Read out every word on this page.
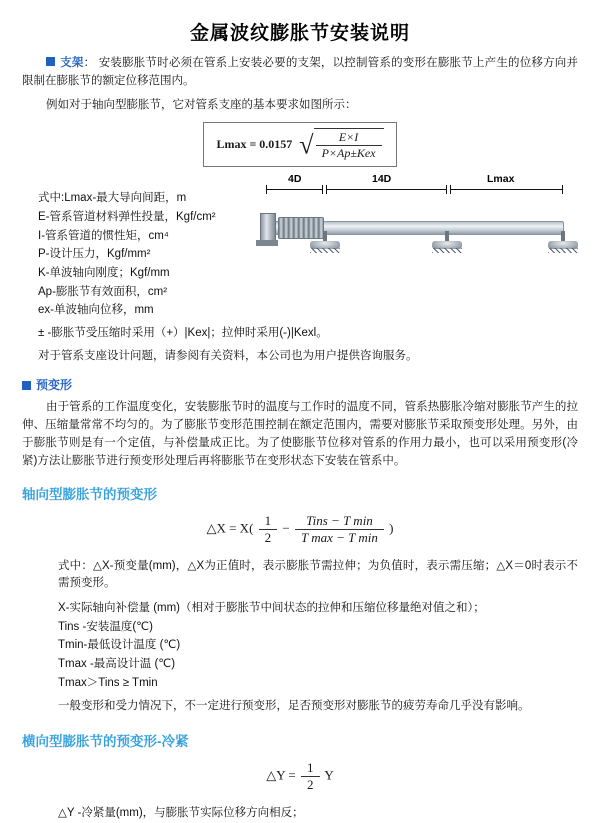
金属波纹膨胀节安装说明
支架： 安装膨胀节时必须在管系上安装必要的支架，以控制管系的变形在膨胀节上产生的位移方向并限制在膨胀节的额定位移范围内。
例如对于轴向型膨胀节，它对管系支座的基本要求如图所示：
Lmax = 0.0157 √ $\frac{E\times I}{\text{P×Ap±Kex}}$
4D	14D	Lmax
式中:Lmax-最大导向间距，m
E-管系管道材料弹性投量，Kgf/cm²
I-管系管道的惯性矩，cm⁴
P-设计压力，Kgf/mm²
K-单波轴向刚度；Kgf/mm
Ap-膨胀节有效面积，cm²
ex-单波轴向位移，mm
± -膨胀节受压缩时采用（+）|Kex|；拉伸时采用(-)|Kexl。
对于管系支座设计问题，请参阅有关资料，本公司也为用户提供咨询服务。
预变形
由于管系的工作温度变化，安装膨胀节时的温度与工作时的温度不同，管系热膨胀冷缩对膨胀节产生的拉伸、压缩量常常不均匀的。为了膨胀节变形范围控制在额定范围内，需要对膨胀节采取预变形处理。另外，由于膨胀节则是有一个定值，与补偿量成正比。为了使膨胀节位移对管系的作用力最小，也可以采用预变形(冷紧)方法让膨胀节进行预变形处理后再将膨胀节在变形状态下安装在管系中。
轴向型膨胀节的预变形
△X = $X( \frac{1}{2} - \frac{\text{Tins − T min}}{\text{T max − T min}}$ )
式中：△X-预变量(mm)，△X为正值时，表示膨胀节需拉伸；为负值时，表示需压缩；△X＝0时表示不需预变形。
X-实际轴向补偿量 (mm)（相对于膨胀节中间状态的拉伸和压缩位移量绝对值之和）；
Tins -安装温度(℃)
Tmin-最低设计温度 (℃)
Tmax -最高设计温 (℃)
Tmax＞Tins ≥ Tmin
一般变形和受力情况下，不一定进行预变形，足否预变形对膨胀节的疲劳寿命几乎没有影响。
横向型膨胀节的预变形-冷紧
△Y = $\frac{1}{2}$ Y
△Y -冷紧量(mm)，与膨胀节实际位移方向相反；
